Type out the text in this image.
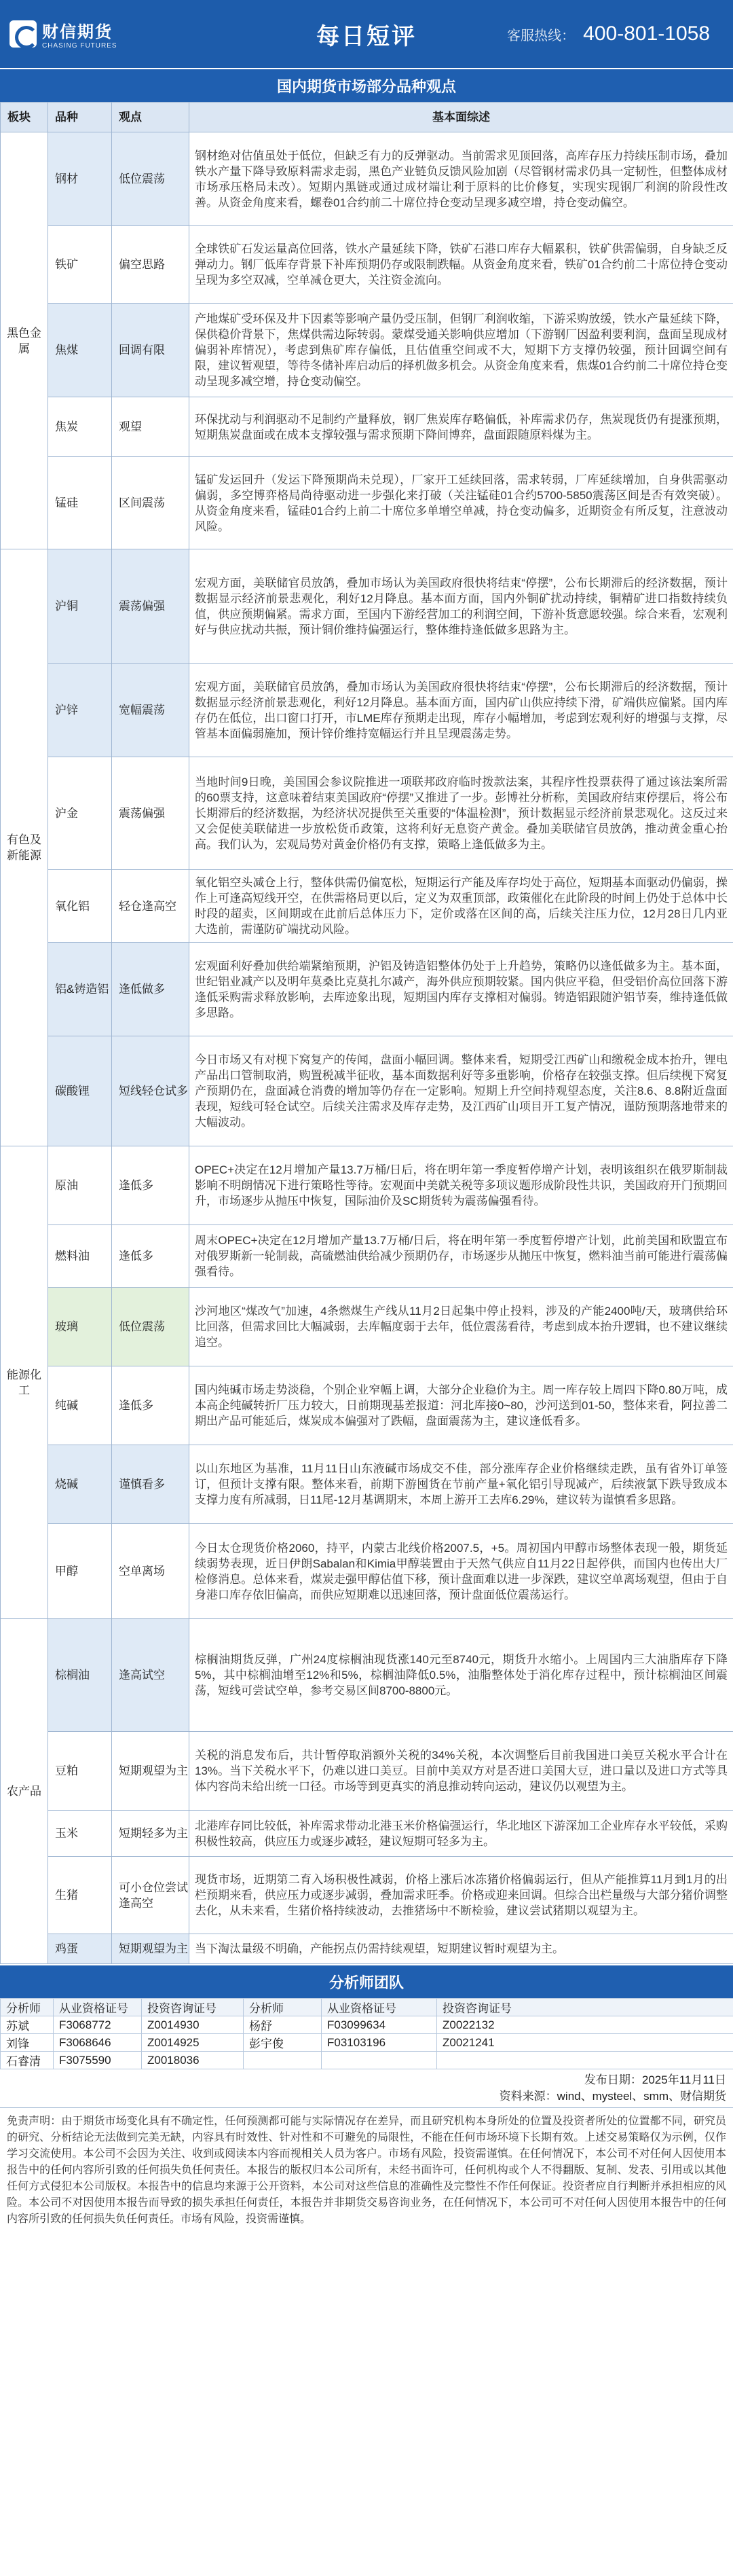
财信期货
CHASING FUTURES	每日短评	客服热线： 400-801-1058
国内期货市场部分品种观点
板块	品种	观点	基本面综述
黑色金属	钢材	低位震荡	钢材绝对估值虽处于低位，但缺乏有力的反弹驱动。当前需求见顶回落，高库存压力持续压制市场，叠加铁水产量下降导致原料需求走弱，黑色产业链负反馈风险加剧（尽管钢材需求仍具一定韧性，但整体成材市场承压格局未改）。短期内黑链或通过成材端让利于原料的比价修复，实现实现钢厂利润的阶段性改善。从资金角度来看，螺卷01合约前二十席位持仓变动呈现多减空增，持仓变动偏空。
	铁矿	偏空思路	全球铁矿石发运量高位回落，铁水产量延续下降，铁矿石港口库存大幅累积，铁矿供需偏弱，自身缺乏反弹动力。钢厂低库存背景下补库预期仍存或限制跌幅。从资金角度来看，铁矿01合约前二十席位持仓变动呈现为多空双减，空单减仓更大，关注资金流向。
	焦煤	回调有限	产地煤矿受环保及井下因素等影响产量仍受压制，但钢厂利润收缩，下游采购放缓，铁水产量延续下降，保供稳价背景下，焦煤供需边际转弱。蒙煤受通关影响供应增加（下游钢厂因盈利要利润，盘面呈现成材偏弱补库情况），考虑到焦矿库存偏低，且估值重空间或不大，短期下方支撑仍较强，预计回调空间有限，建议暂观望，等待冬储补库启动后的择机做多机会。从资金角度来看，焦煤01合约前二十席位持仓变动呈现多减空增，持仓变动偏空。
	焦炭	观望	环保扰动与利润驱动不足制约产量释放，钢厂焦炭库存略偏低，补库需求仍存，焦炭现货仍有提涨预期，短期焦炭盘面或在成本支撑较强与需求预期下降间博弈，盘面跟随原料煤为主。
	锰硅	区间震荡	锰矿发运回升（发运下降预期尚未兑现），厂家开工延续回落，需求转弱，厂库延续增加，自身供需驱动偏弱，多空博弈格局尚待驱动进一步强化来打破（关注锰硅01合约5700-5850震荡区间是否有效突破）。从资金角度来看，锰硅01合约上前二十席位多单增空单减，持仓变动偏多，近期资金有所反复，注意波动风险。
有色及新能源	沪铜	震荡偏强	宏观方面，美联储官员放鸽，叠加市场认为美国政府很快将结束“停摆”，公布长期滞后的经济数据，预计数据显示经济前景悲观化，利好12月降息。基本面方面，国内外铜矿扰动持续，铜精矿进口指数持续负值，供应预期偏紧。需求方面，至国内下游经营加工的利润空间，下游补货意愿较强。综合来看，宏观利好与供应扰动共振，预计铜价维持偏强运行，整体维持逢低做多思路为主。
	沪锌	宽幅震荡	宏观方面，美联储官员放鸽，叠加市场认为美国政府很快将结束“停摆”，公布长期滞后的经济数据，预计数据显示经济前景悲观化，利好12月降息。基本面方面，国内矿山供应持续下滑，矿端供应偏紧。国内库存仍在低位，出口窗口打开，市LME库存预期走出现，库存小幅增加，考虑到宏观利好的增强与支撑，尽管基本面偏弱施加，预计锌价维持宽幅运行并且呈现震荡走势。
	沪金	震荡偏强	当地时间9日晚，美国国会参议院推进一项联邦政府临时拨款法案，其程序性投票获得了通过该法案所需的60票支持，这意味着结束美国政府“停摆”又推进了一步。彭博社分析称，美国政府结束停摆后，将公布长期滞后的经济数据，为经济状况提供至关重要的“体温检测”，预计数据显示经济前景悲观化。这反过来又会促使美联储进一步放松货币政策，这将利好无息资产黄金。叠加美联储官员放鸽，推动黄金重心抬高。我们认为，宏观局势对黄金价格仍有支撑，策略上逢低做多为主。
	氧化铝	轻仓逢高空	氧化铝空头减仓上行，整体供需仍偏宽松，短期运行产能及库存均处于高位，短期基本面驱动仍偏弱，操作上可逢高短线开空，在供需格局更以后，定义为双重顶部，政策催化在此阶段的时间上仍处于总体中长时段的超卖，区间期或在此前后总体压力下，定价或落在区间的高，后续关注压力位，12月28日几内亚大选前，需谨防矿端扰动风险。
	铝&铸造铝	逢低做多	宏观面利好叠加供给端紧缩预期，沪铝及铸造铝整体仍处于上升趋势，策略仍以逢低做多为主。基本面，世纪铝业减产以及明年莫桑比克莫扎尔减产，海外供应预期较紧。国内供应平稳，但受铝价高位回落下游逢低采购需求释放影响，去库迹象出现，短期国内库存支撑相对偏弱。铸造铝跟随沪铝节奏，维持逢低做多思路。
	碳酸锂	短线轻仓试多	今日市场又有对枧下窝复产的传闻，盘面小幅回调。整体来看，短期受江西矿山和缴税金成本抬升，锂电产品出口管制取消，购置税减半征收，基本面数据利好等多重影响，价格存在较强支撑。但后续枧下窝复产预期仍在，盘面减仓消费的增加等仍存在一定影响。短期上升空间持观望态度，关注8.6、8.8附近盘面表现，短线可轻仓试空。后续关注需求及库存走势，及江西矿山项目开工复产情况，谨防预期落地带来的大幅波动。
能源化工	原油	逢低多	OPEC+决定在12月增加产量13.7万桶/日后，将在明年第一季度暂停增产计划，表明该组织在俄罗斯制裁影响不明朗情况下进行策略性等待。宏观面中美就关税等多项议题形成阶段性共识，美国政府开门预期回升，市场逐步从抛压中恢复，国际油价及SC期货转为震荡偏强看待。
	燃料油	逢低多	周末OPEC+决定在12月增加产量13.7万桶/日后，将在明年第一季度暂停增产计划，此前美国和欧盟宣布对俄罗斯新一轮制裁，高硫燃油供给减少预期仍存，市场逐步从抛压中恢复，燃料油当前可能进行震荡偏强看待。
	玻璃	低位震荡	沙河地区“煤改气”加速，4条燃煤生产线从11月2日起集中停止投料，涉及的产能2400吨/天，玻璃供给环比回落，但需求回比大幅减弱，去库幅度弱于去年，低位震荡看待，考虑到成本抬升逻辑，也不建议继续追空。
	纯碱	逢低多	国内纯碱市场走势淡稳，个别企业窄幅上调，大部分企业稳价为主。周一库存较上周四下降0.80万吨，成本高企纯碱转折厂压力较大，日前期现基差报道：河北库接0~80，沙河送到01-50，整体来看，阿拉善二期出产品可能延后，煤炭成本偏强对了跌幅，盘面震荡为主，建议逢低看多。
	烧碱	谨慎看多	以山东地区为基准，11月11日山东液碱市场成交不佳，部分涨库存企业价格继续走跌，虽有省外订单签订，但预计支撑有限。整体来看，前期下游囤货在节前产量+氧化铝引导现减产，后续液氯下跌导致成本支撑力度有所减弱，日11尾-12月基调期末，本周上游开工去库6.29%，建议转为谨慎看多思路。
	甲醇	空单离场	今日太仓现货价格2060，持平，内蒙古北线价格2007.5，+5。周初国内甲醇市场整体表现一般，期货延续弱势表现，近日伊朗Sabalan和Kimia甲醇装置由于天然气供应自11月22日起停供，而国内也传出大厂检修消息。总体来看，煤炭走强甲醇估值下移，预计盘面难以进一步深跌，建议空单离场观望，但由于自身港口库存依旧偏高，而供应短期难以迅速回落，预计盘面低位震荡运行。
农产品	棕榈油	逢高试空	棕榈油期货反弹，广州24度棕榈油现货涨140元至8740元，期货升水缩小。上周国内三大油脂库存下降5%，其中棕榈油增至12%和5%，棕榈油降低0.5%，油脂整体处于消化库存过程中，预计棕榈油区间震荡，短线可尝试空单，参考交易区间8700-8800元。
	豆粕	短期观望为主	关税的消息发布后，共计暂停取消额外关税的34%关税，本次调整后目前我国进口美豆关税水平合计在13%。当下关税水平下，仍难以进口美豆。目前中美双方对是否进口美国大豆，进口量以及进口方式等具体内容尚未给出统一口径。市场等到更真实的消息推动转向运动，建议仍以观望为主。
	玉米	短期轻多为主	北港库存同比较低，补库需求带动北港玉米价格偏强运行，华北地区下游深加工企业库存水平较低，采购积极性较高，供应压力或逐步减轻，建议短期可轻多为主。
	生猪	可小仓位尝试逢高空	现货市场，近期第二育入场积极性减弱，价格上涨后冰冻猪价格偏弱运行，但从产能推算11月到1月的出栏预期来看，供应压力或逐步减弱，叠加需求旺季。价格或迎来回调。但综合出栏量级与大部分猪价调整去化，从未来看，生猪价格持续波动，去推猪场中不断检验，建议尝试猪期以观望为主。
	鸡蛋	短期观望为主	当下淘汰量级不明确，产能拐点仍需持续观望，短期建议暂时观望为主。
分析师团队
分析师	从业资格证号	投资咨询证号	分析师	从业资格证号	投资咨询证号
苏斌	F3068772	Z0014930	杨舒	F03099634	Z0022132
刘锋	F3068646	Z0014925	彭宇俊	F03103196	Z0021241
石睿清	F3075590	Z0018036			
发布日期：2025年11月11日
资料来源：wind、mysteel、smm、财信期货
免责声明：由于期货市场变化具有不确定性，任何预测都可能与实际情况存在差异，而且研究机构本身所处的位置及投资者所处的位置都不同，研究员的研究、分析结论无法做到完美无缺，内容具有时效性、针对性和不可避免的局限性，不能在任何市场环境下长期有效。上述交易策略仅为示例，仅作学习交流使用。本公司不会因为关注、收到或阅读本内容而视相关人员为客户。市场有风险，投资需谨慎。在任何情况下，本公司不对任何人因使用本报告中的任何内容所引致的任何损失负任何责任。本报告的版权归本公司所有，未经书面许可，任何机构或个人不得翻版、复制、发表、引用或以其他任何方式侵犯本公司版权。本报告中的信息均来源于公开资料，本公司对这些信息的准确性及完整性不作任何保证。投资者应自行判断并承担相应的风险。本公司不对因使用本报告而导致的损失承担任何责任，本报告并非期货交易咨询业务，在任何情况下，本公司可不对任何人因使用本报告中的任何内容所引致的任何损失负任何责任。市场有风险，投资需谨慎。
